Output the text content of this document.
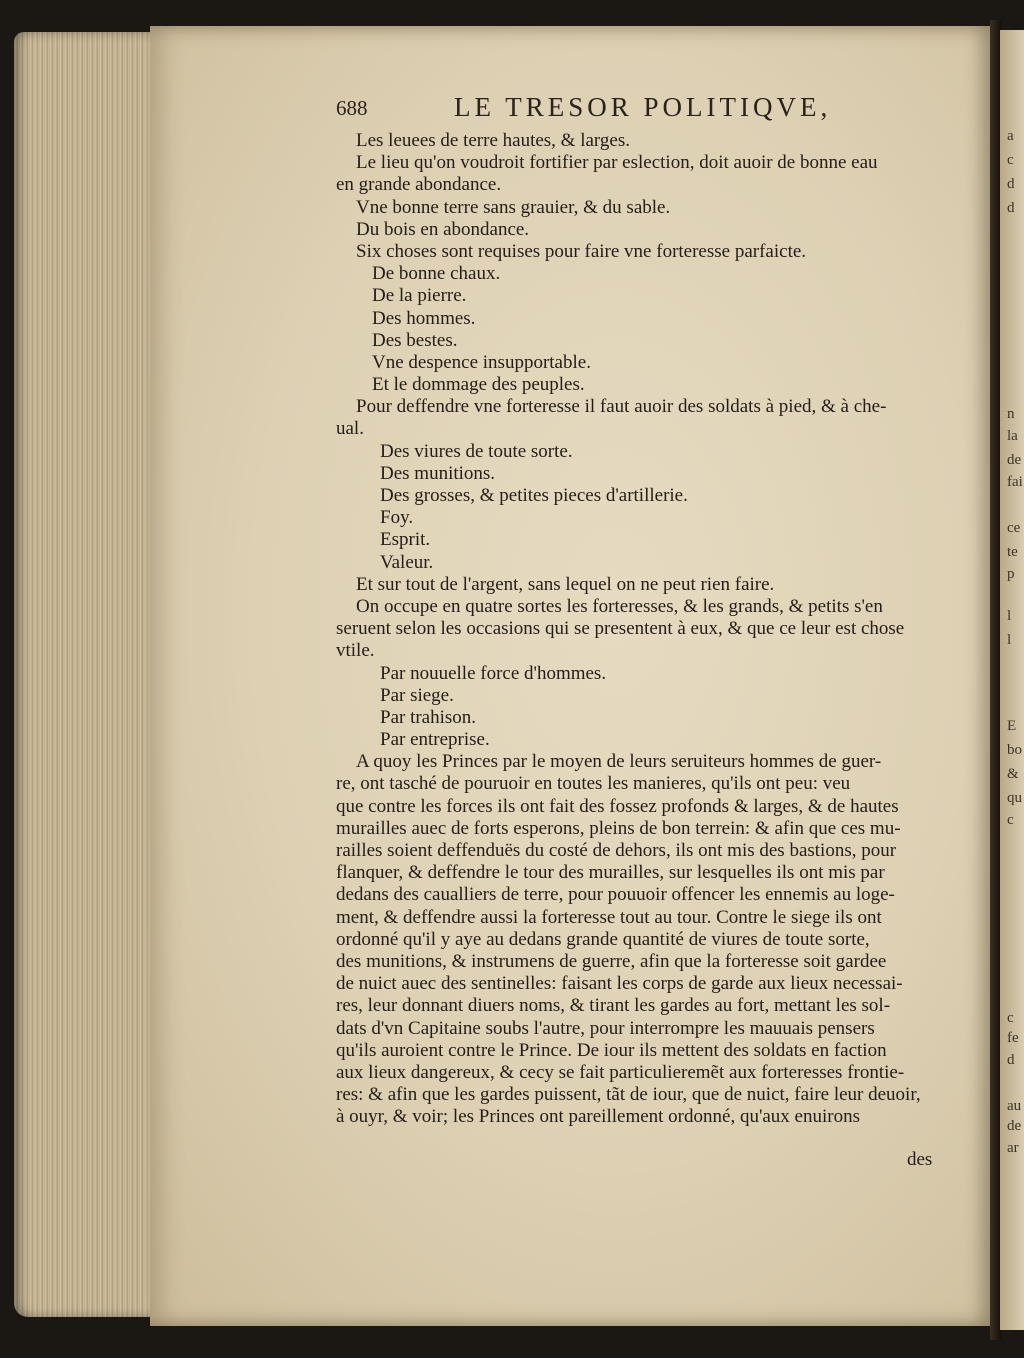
a
c
d
d
n
la
de
fai
ce
te
p
l
l
E
bo
&
qu
c
c
fe
d
au
de
ar
688	LE TRESOR POLITIQVE,
Les leuees de terre hautes, & larges.
Le lieu qu'on voudroit fortifier par eslection, doit auoir de bonne eau
en grande abondance.
Vne bonne terre sans grauier, & du sable.
Du bois en abondance.
Six choses sont requises pour faire vne forteresse parfaicte.
De bonne chaux.
De la pierre.
Des hommes.
Des bestes.
Vne despence insupportable.
Et le dommage des peuples.
Pour deffendre vne forteresse il faut auoir des soldats à pied, & à che-
ual.
Des viures de toute sorte.
Des munitions.
Des grosses, & petites pieces d'artillerie.
Foy.
Esprit.
Valeur.
Et sur tout de l'argent, sans lequel on ne peut rien faire.
On occupe en quatre sortes les forteresses, & les grands, & petits s'en
seruent selon les occasions qui se presentent à eux, & que ce leur est chose
vtile.
Par nouuelle force d'hommes.
Par siege.
Par trahison.
Par entreprise.
A quoy les Princes par le moyen de leurs seruiteurs hommes de guer-
re, ont tasché de pouruoir en toutes les manieres, qu'ils ont peu: veu
que contre les forces ils ont fait des fossez profonds & larges, & de hautes
murailles auec de forts esperons, pleins de bon terrein: & afin que ces mu-
railles soient deffenduës du costé de dehors, ils ont mis des bastions, pour
flanquer, & deffendre le tour des murailles, sur lesquelles ils ont mis par
dedans des caualliers de terre, pour pouuoir offencer les ennemis au loge-
ment, & deffendre aussi la forteresse tout au tour. Contre le siege ils ont
ordonné qu'il y aye au dedans grande quantité de viures de toute sorte,
des munitions, & instrumens de guerre, afin que la forteresse soit gardee
de nuict auec des sentinelles: faisant les corps de garde aux lieux necessai-
res, leur donnant diuers noms, & tirant les gardes au fort, mettant les sol-
dats d'vn Capitaine soubs l'autre, pour interrompre les mauuais pensers
qu'ils auroient contre le Prince. De iour ils mettent des soldats en faction
aux lieux dangereux, & cecy se fait particulierem͏ẽt aux forteresses frontie-
res: & afin que les gardes puissent, tãt de iour, que de nuict, faire leur deuoir,
à ouyr, & voir; les Princes ont pareillement ordonné, qu'aux enuirons
des
